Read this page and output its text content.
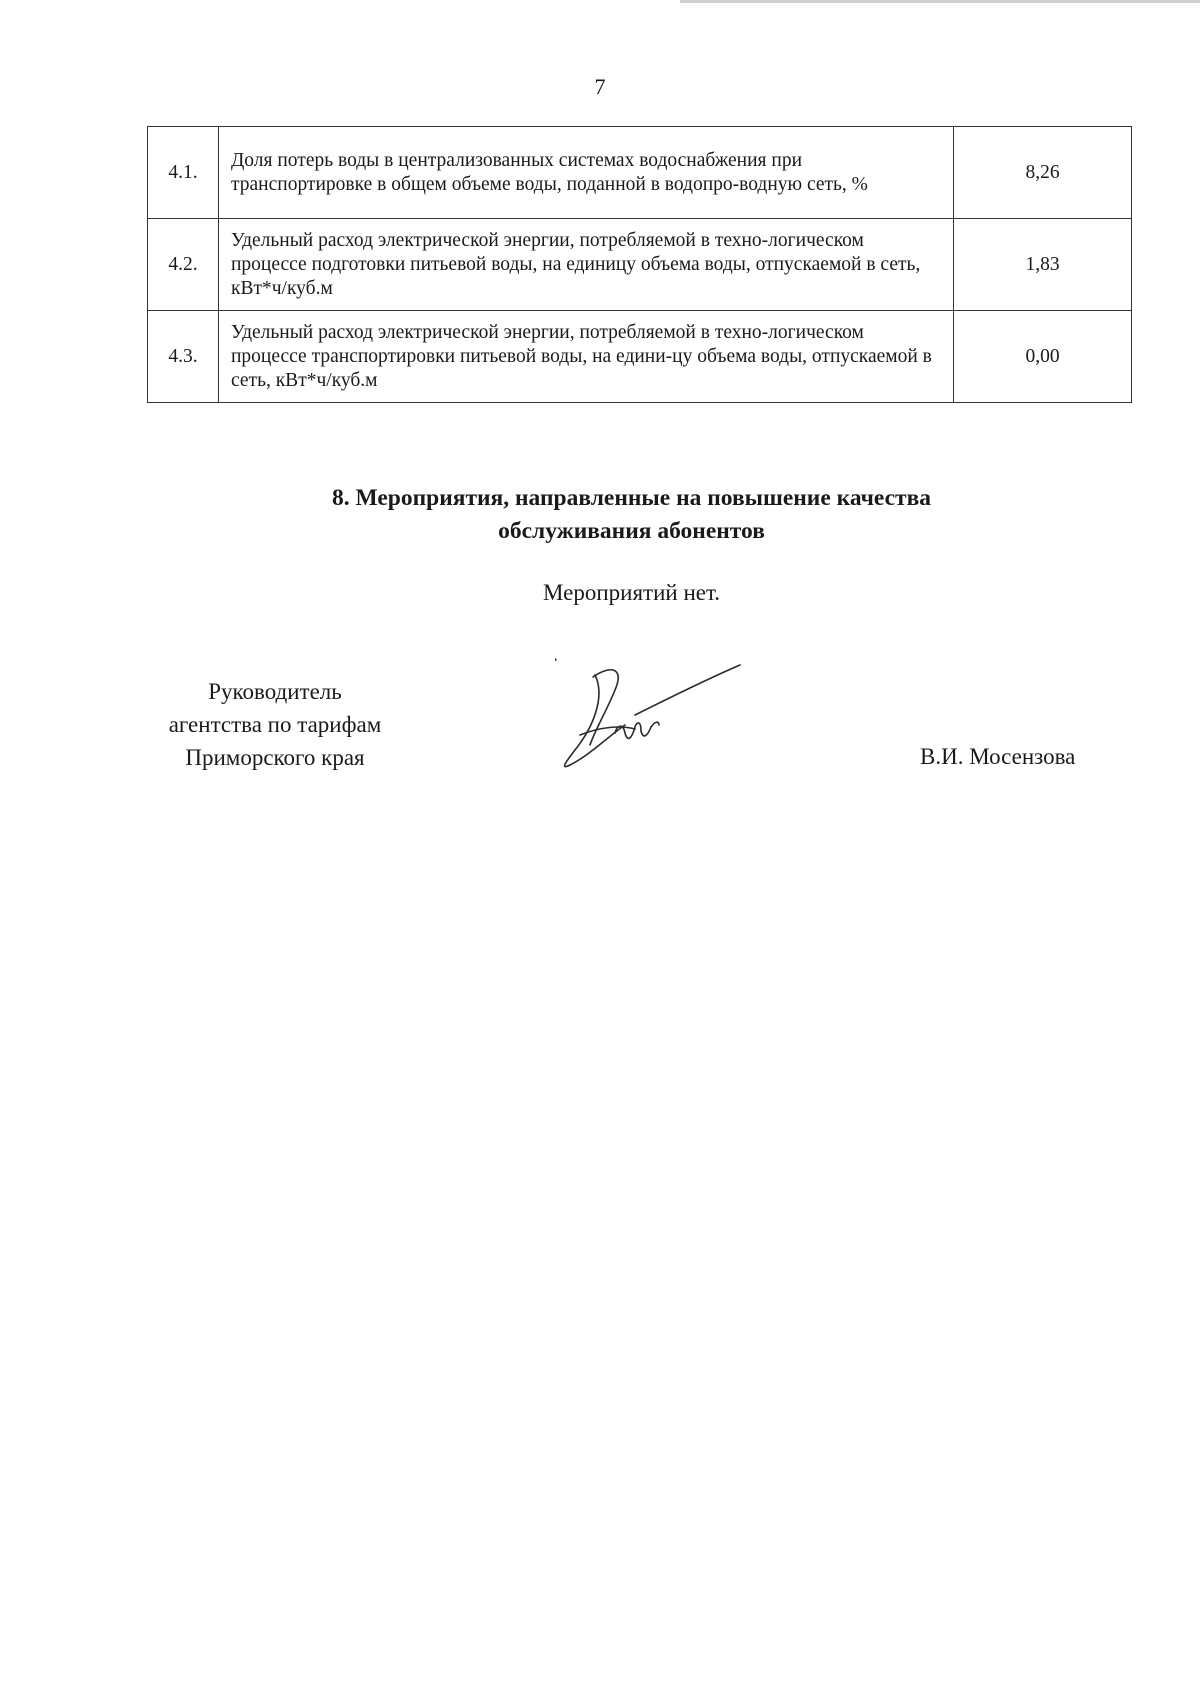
7
4.1.	Доля потерь воды в централизованных системах водоснабжения при транспортировке в общем объеме воды, поданной в водопро-водную сеть, %	8,26
4.2.	Удельный расход электрической энергии, потребляемой в техно-логическом процессе подготовки питьевой воды, на единицу объема воды, отпускаемой в сеть, кВт*ч/куб.м	1,83
4.3.	Удельный расход электрической энергии, потребляемой в техно-логическом процессе транспортировки питьевой воды, на едини-цу объема воды, отпускаемой в сеть, кВт*ч/куб.м	0,00
8. Мероприятия, направленные на повышение качества
обслуживания абонентов
Мероприятий нет.
Руководитель
агентства по тарифам
Приморского края	В.И. Мосензова
